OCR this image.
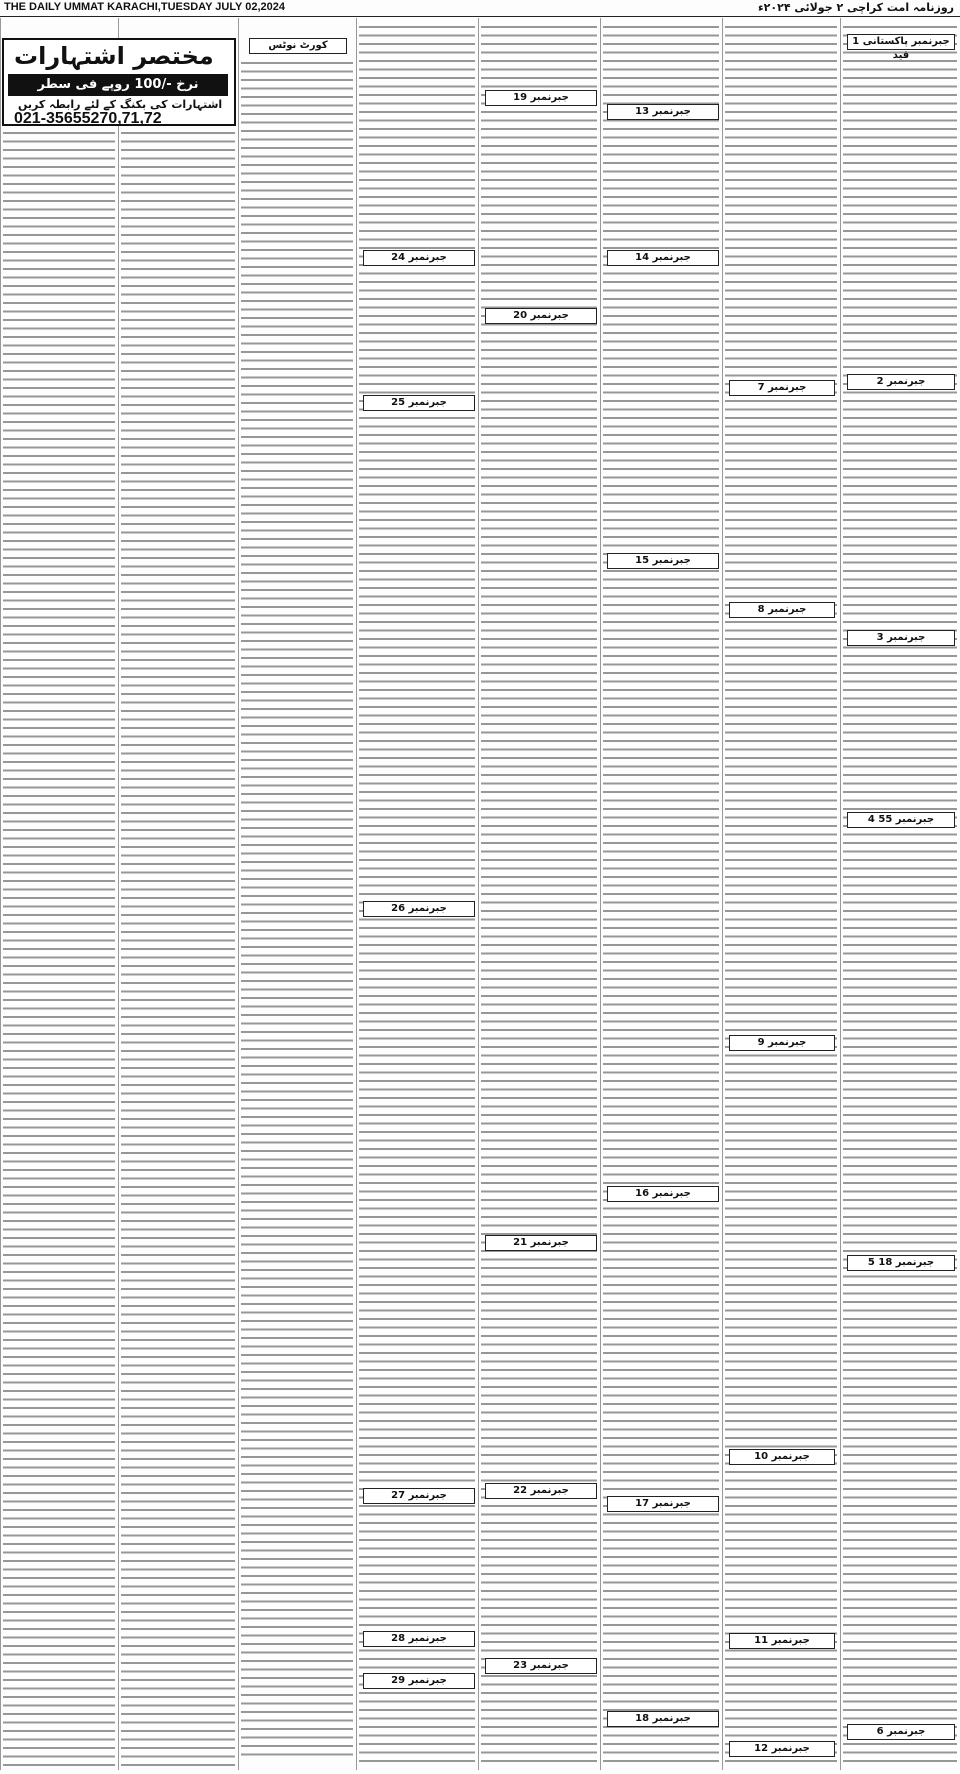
THE DAILY UMMAT KARACHI,TUESDAY JULY 02,2024	روزنامہ امت کراچی ۲ جولائی ۲۰۲۴ء
مختصر اشتہارات
نرخ -/100 روپے فی سطر
اشتہارات کی بکنگ کے لئے رابطہ کریں
021-35655270,71,72
کورٹ نوٹس
24 جبرنمبر
25 جبرنمبر
26 جبرنمبر
27 جبرنمبر
28 جبرنمبر
29 جبرنمبر
19 جبرنمبر
20 جبرنمبر
21 جبرنمبر
22 جبرنمبر
23 جبرنمبر
13 جبرنمبر
14 جبرنمبر
15 جبرنمبر
16 جبرنمبر
17 جبرنمبر
18 جبرنمبر
7 جبرنمبر
8 جبرنمبر
9 جبرنمبر
10 جبرنمبر
11 جبرنمبر
12 جبرنمبر
1	جبرنمبر پاکستانی قید
2 جبرنمبر
3 جبرنمبر
4 جبرنمبر 55
5 جبرنمبر 18
6 جبرنمبر
